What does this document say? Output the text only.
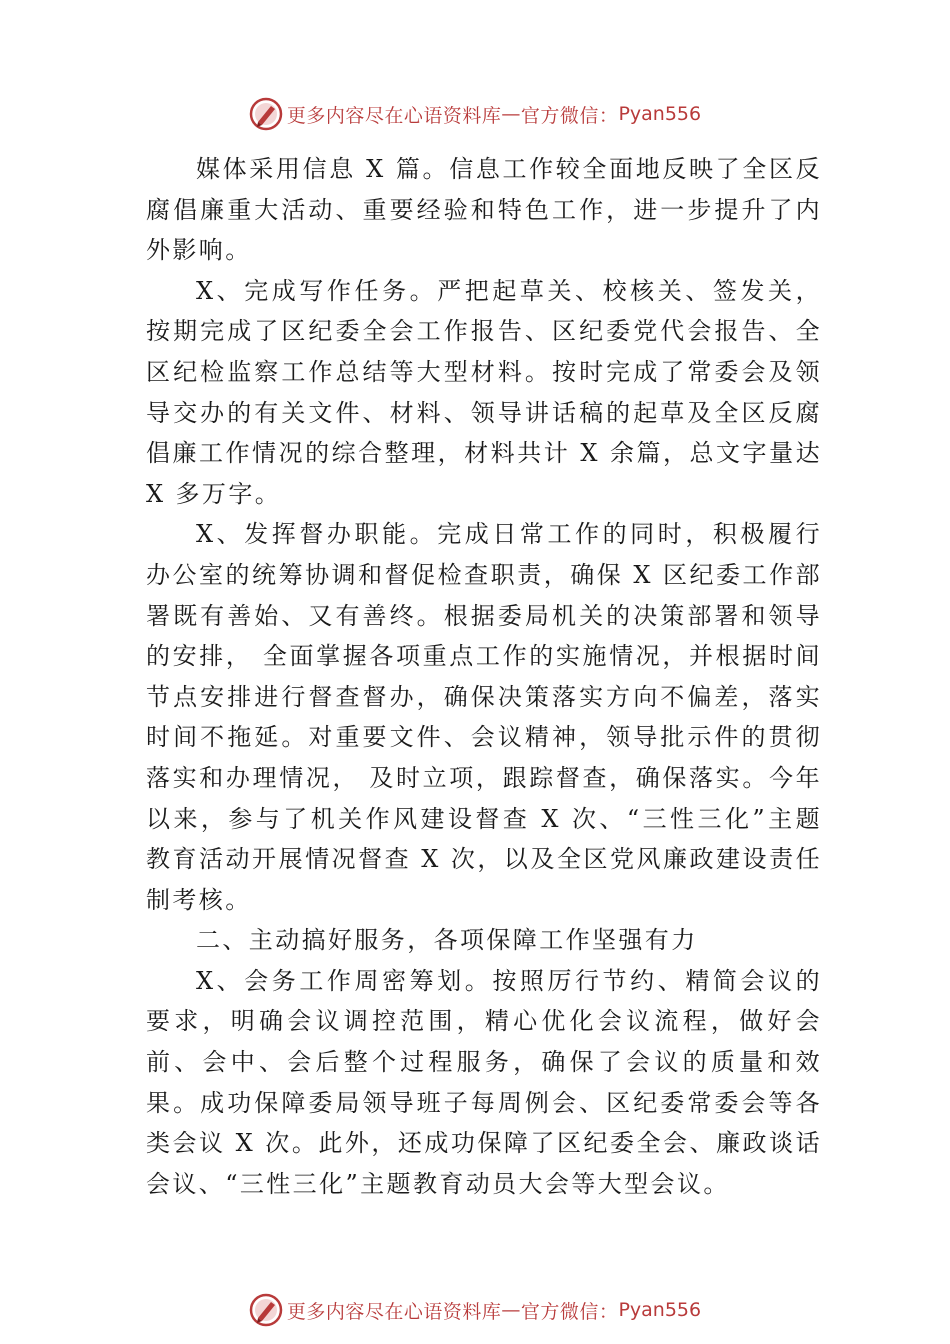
更多内容尽在心语资料库 — 官方微信： Pyan556

媒体采用信息 X 篇。信息工作较全面地反映了全区反腐倡廉重大活动、重要经验和特色工作，进一步提升了内外影响。

X、完成写作任务。严把起草关、校核关、签发关，按期完成了区纪委全会工作报告、区纪委党代会报告、全区纪检监察工作总结等大型材料。按时完成了常委会及领导交办的有关文件、材料、领导讲话稿的起草及全区反腐倡廉工作情况的综合整理，材料共计 X 余篇，总文字量达 X 多万字。

X、发挥督办职能。完成日常工作的同时，积极履行办公室的统筹协调和督促检查职责，确保 X 区纪委工作部署既有善始、又有善终。根据委局机关的决策部署和领导的安排， 全面掌握各项重点工作的实施情况，并根据时间节点安排进行督查督办，确保决策落实方向不偏差，落实时间不拖延。对重要文件、会议精神，领导批示件的贯彻落实和办理情况， 及时立项，跟踪督查，确保落实。今年以来，参与了机关作风建设督查 X 次、“三性三化”主题教育活动开展情况督查 X 次，以及全区党风廉政建设责任制考核。

二、主动搞好服务，各项保障工作坚强有力

X、会务工作周密筹划。按照厉行节约、精简会议的要求，明确会议调控范围，精心优化会议流程，做好会前、会中、会后整个过程服务，确保了会议的质量和效果。成功保障委局领导班子每周例会、区纪委常委会等各类会议 X 次。此外，还成功保障了区纪委全会、廉政谈话会议、“三性三化”主题教育动员大会等大型会议。

更多内容尽在心语资料库 — 官方微信： Pyan556
